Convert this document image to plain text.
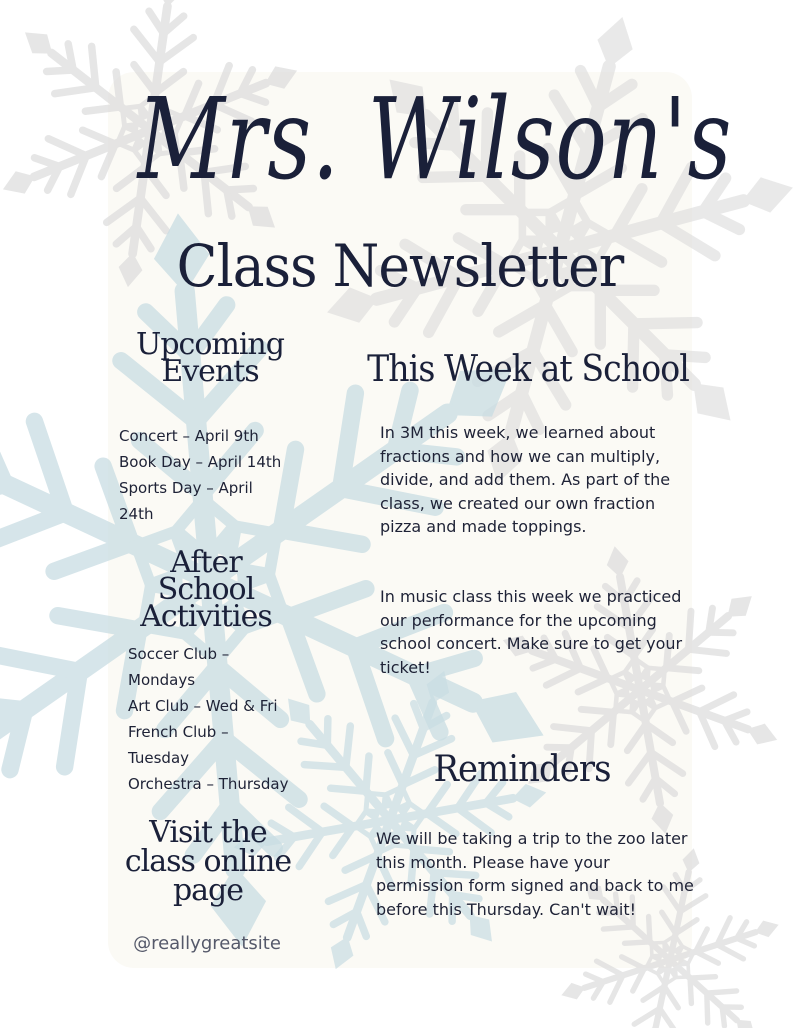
Mrs. Wilson's
Class Newsletter
Upcoming
Events
Concert – April 9th
Book Day – April 14th
Sports Day – April
24th
After
School
Activities
Soccer Club –
Mondays
Art Club – Wed & Fri
French Club –
Tuesday
Orchestra – Thursday
Visit the
class online
page
@reallygreatsite
This Week at School

In 3M this week, we learned about fractions and how we can multiply, divide, and add them. As part of the class, we created our own fraction pizza and made toppings.

In music class this week we practiced our performance for the upcoming school concert. Make sure to get your ticket!

Reminders

We will be taking a trip to the zoo later this month. Please have your permission form signed and back to me before this Thursday. Can't wait!
